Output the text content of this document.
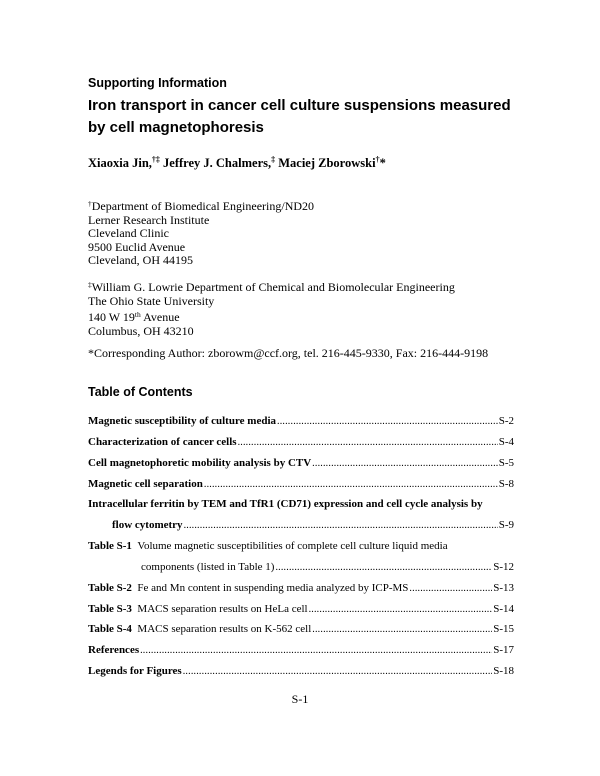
Supporting Information
Iron transport in cancer cell culture suspensions measured by cell magnetophoresis
Xiaoxia Jin,†‡ Jeffrey J. Chalmers,‡ Maciej Zborowski†*
†Department of Biomedical Engineering/ND20
Lerner Research Institute
Cleveland Clinic
9500 Euclid Avenue
Cleveland, OH 44195
‡William G. Lowrie Department of Chemical and Biomolecular Engineering
The Ohio State University
140 W 19th Avenue
Columbus, OH 43210
*Corresponding Author: zborowm@ccf.org, tel. 216-445-9330, Fax: 216-444-9198
Table of Contents
Magnetic susceptibility of culture media .....	S-2
Characterization of cancer cells .....	S-4
Cell magnetophoretic mobility analysis by CTV .....	S-5
Magnetic cell separation .....	S-8
Intracellular ferritin by TEM and TfR1 (CD71) expression and cell cycle analysis by
flow cytometry .....	S-9
Table S-1 Volume magnetic susceptibilities of complete cell culture liquid media
components (listed in Table 1) .....	S-12
Table S-2 Fe and Mn content in suspending media analyzed by ICP-MS .....	S-13
Table S-3 MACS separation results on HeLa cell .....	S-14
Table S-4 MACS separation results on K-562 cell .....	S-15
References .....	S-17
Legends for Figures .....	S-18
S-1
